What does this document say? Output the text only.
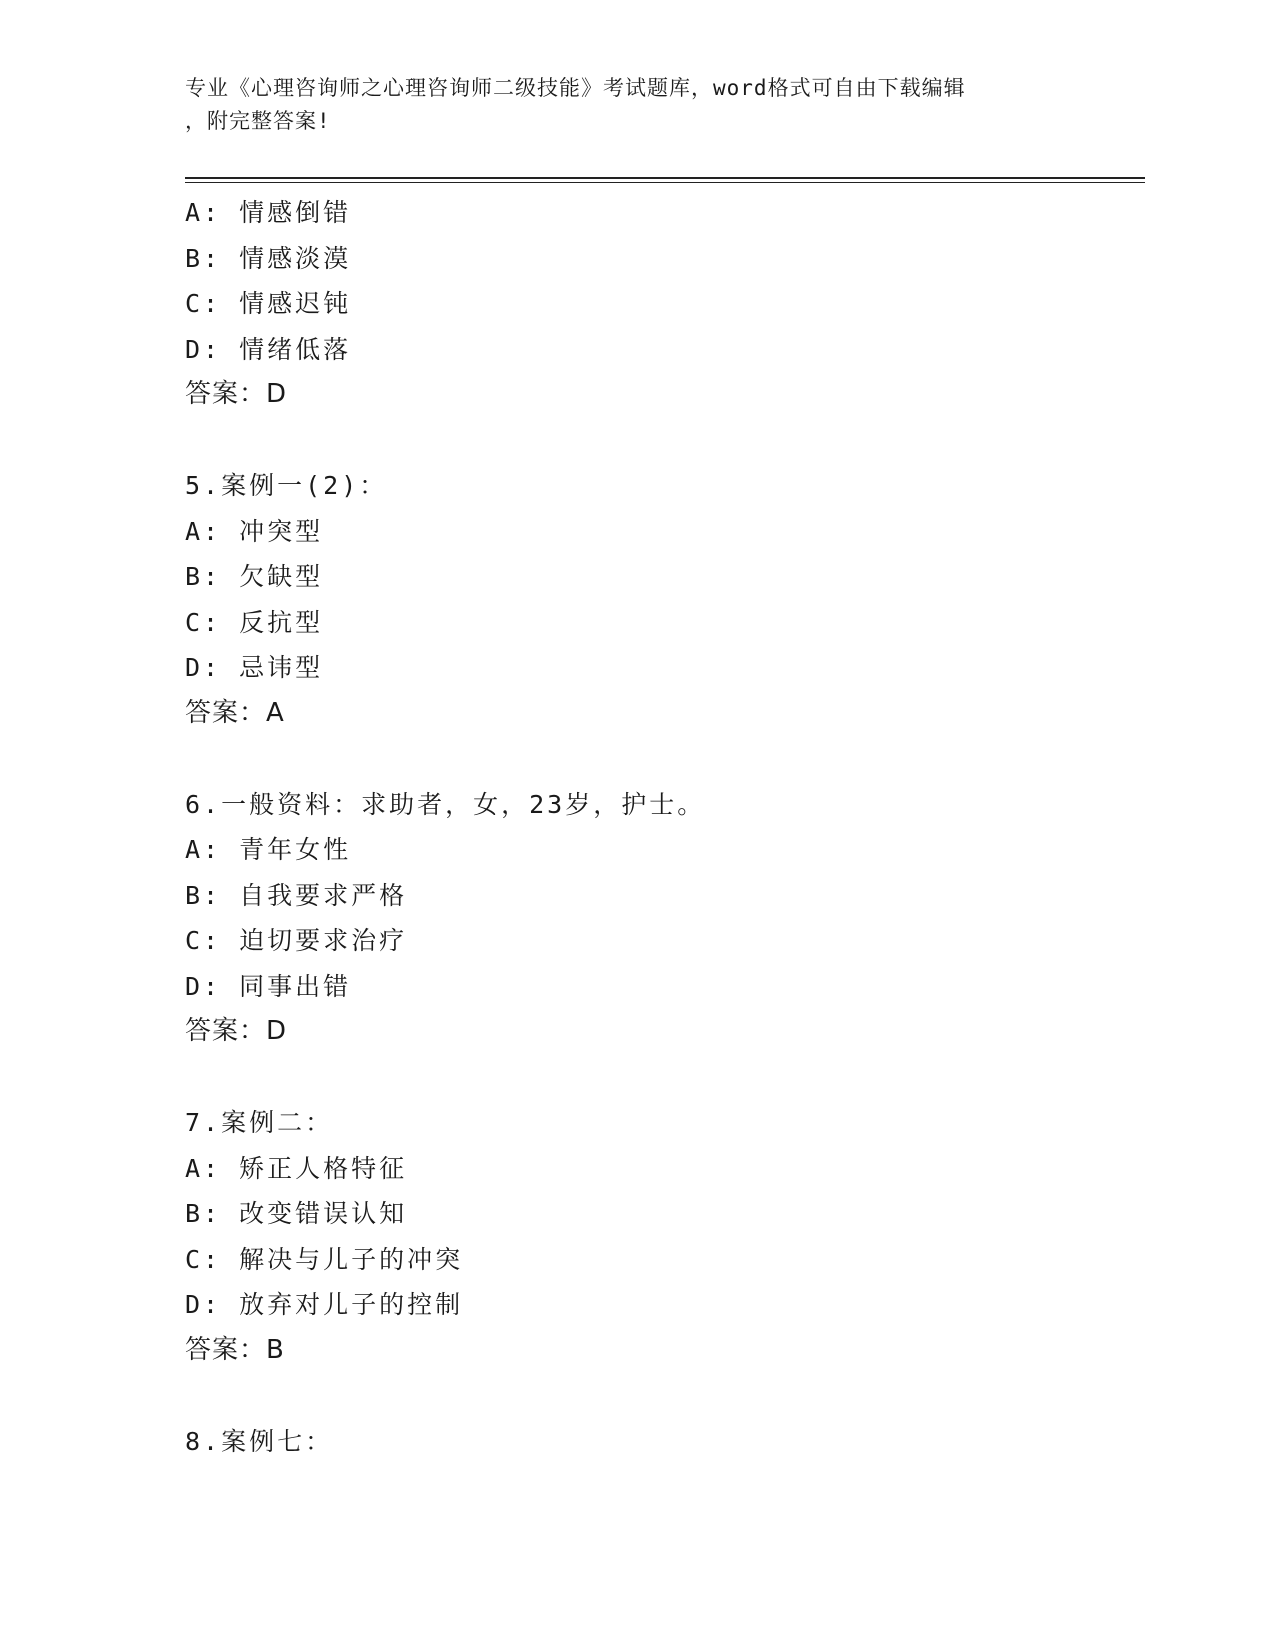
专业《心理咨询师之心理咨询师二级技能》考试题库，word格式可自由下载编辑
，附完整答案!
A: 情感倒错
B: 情感淡漠
C: 情感迟钝
D: 情绪低落
答案：D
5.案例一(2)：
A: 冲突型
B: 欠缺型
C: 反抗型
D: 忌讳型
答案：A
6.一般资料：求助者，女，23岁，护士。
A: 青年女性
B: 自我要求严格
C: 迫切要求治疗
D: 同事出错
答案：D
7.案例二：
A: 矫正人格特征
B: 改变错误认知
C: 解决与儿子的冲突
D: 放弃对儿子的控制
答案：B
8.案例七：
